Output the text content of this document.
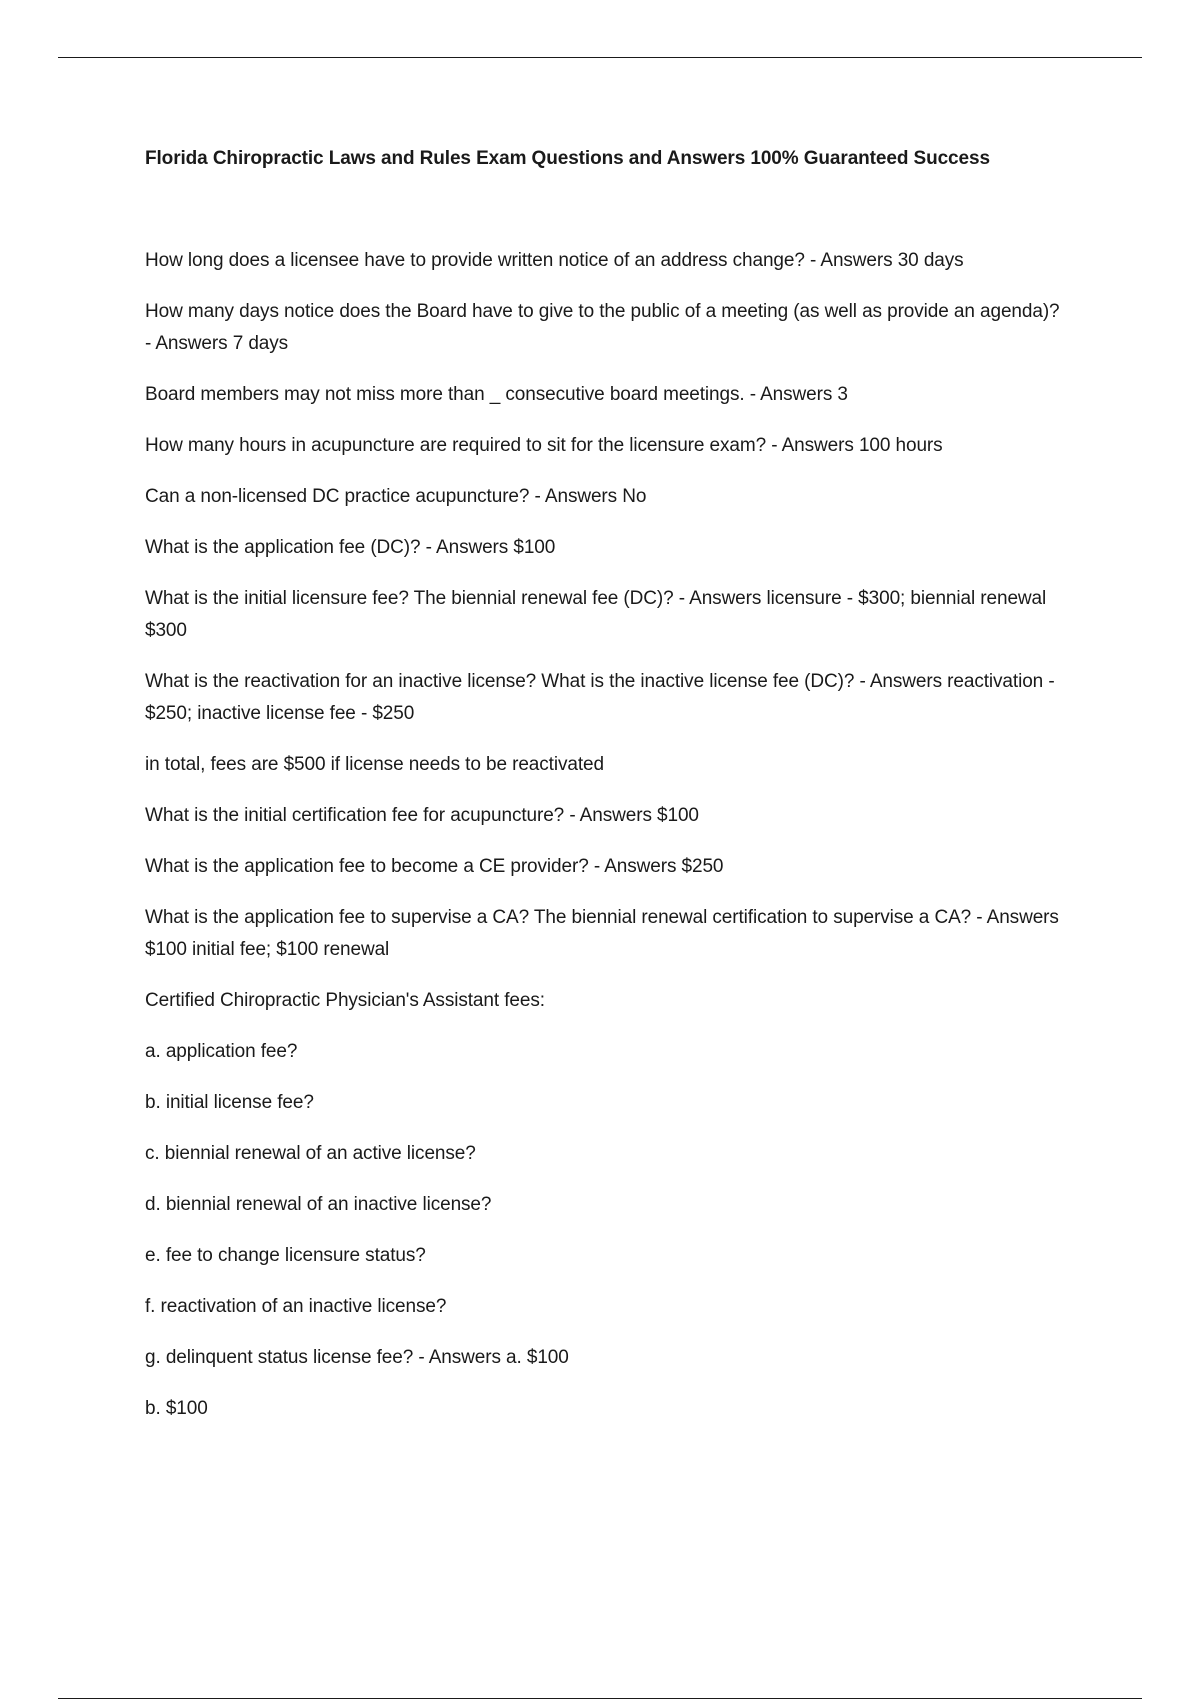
Florida Chiropractic Laws and Rules Exam Questions and Answers 100% Guaranteed Success

How long does a licensee have to provide written notice of an address change? - Answers 30 days

How many days notice does the Board have to give to the public of a meeting (as well as provide an agenda)? - Answers 7 days

Board members may not miss more than _ consecutive board meetings. - Answers 3

How many hours in acupuncture are required to sit for the licensure exam? - Answers 100 hours

Can a non-licensed DC practice acupuncture? - Answers No

What is the application fee (DC)? - Answers $100

What is the initial licensure fee? The biennial renewal fee (DC)? - Answers licensure - $300; biennial renewal $300

What is the reactivation for an inactive license? What is the inactive license fee (DC)? - Answers reactivation - $250; inactive license fee - $250

in total, fees are $500 if license needs to be reactivated

What is the initial certification fee for acupuncture? - Answers $100

What is the application fee to become a CE provider? - Answers $250

What is the application fee to supervise a CA? The biennial renewal certification to supervise a CA? - Answers $100 initial fee; $100 renewal

Certified Chiropractic Physician's Assistant fees:

a. application fee?

b. initial license fee?

c. biennial renewal of an active license?

d. biennial renewal of an inactive license?

e. fee to change licensure status?

f. reactivation of an inactive license?

g. delinquent status license fee? - Answers a. $100

b. $100
